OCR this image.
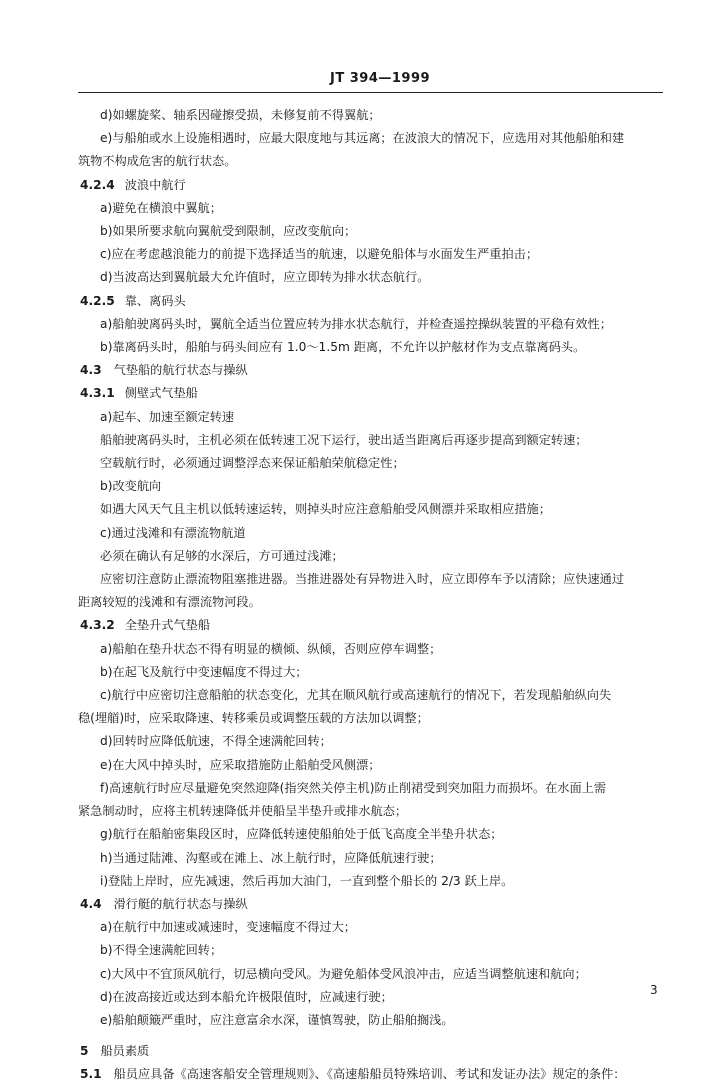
JT 394—1999

d)如螺旋桨、轴系因碰擦受损，未修复前不得翼航；

e)与船舶或水上设施相遇时，应最大限度地与其远离；在波浪大的情况下，应选用对其他船舶和建

筑物不构成危害的航行状态。

4.2.4 波浪中航行

a)避免在横浪中翼航；

b)如果所要求航向翼航受到限制，应改变航向；

c)应在考虑越浪能力的前提下选择适当的航速，以避免船体与水面发生严重拍击；

d)当波高达到翼航最大允许值时，应立即转为排水状态航行。

4.2.5 靠、离码头

a)船舶驶离码头时，翼航全适当位置应转为排水状态航行，并检查遥控操纵装置的平稳有效性；

b)靠离码头时，船舶与码头间应有 1.0～1.5m 距离，不允许以护舷材作为支点靠离码头。

4.3 气垫船的航行状态与操纵

4.3.1 侧壁式气垫船

a)起车、加速至额定转速

船舶驶离码头时，主机必须在低转速工况下运行，驶出适当距离后再逐步提高到额定转速；

空载航行时，必须通过调整浮态来保证船舶荣航稳定性；

b)改变航向

如遇大风天气且主机以低转速运转，则掉头时应注意船舶受风侧漂并采取相应措施；

c)通过浅滩和有漂流物航道

必须在确认有足够的水深后，方可通过浅滩；

应密切注意防止漂流物阻塞推进器。当推进器处有异物进入时，应立即停车予以清除；应快速通过

距离较短的浅滩和有漂流物河段。

4.3.2 全垫升式气垫船

a)船舶在垫升状态不得有明显的横倾、纵倾，否则应停车调整；

b)在起飞及航行中变速幅度不得过大；

c)航行中应密切注意船舶的状态变化，尤其在顺风航行或高速航行的情况下，若发现船舶纵向失

稳(埋艏)时，应采取降速、转移乘员或调整压载的方法加以调整；

d)回转时应降低航速，不得全速满舵回转；

e)在大风中掉头时，应采取措施防止船舶受风侧漂；

f)高速航行时应尽量避免突然迎降(指突然关停主机)防止削裙受到突加阻力而损坏。在水面上需

紧急制动时，应将主机转速降低并使船呈半垫升或排水航态；

g)航行在船舶密集段区时，应降低转速使船舶处于低飞高度全半垫升状态；

h)当通过陆滩、沟壑或在滩上、冰上航行时，应降低航速行驶；

i)登陆上岸时，应先减速，然后再加大油门，一直到整个船长的 2/3 跃上岸。

4.4 滑行艇的航行状态与操纵

a)在航行中加速或减速时，变速幅度不得过大；

b)不得全速满舵回转；

c)大风中不宜顶风航行，切忌横向受风。为避免船体受风浪冲击，应适当调整航速和航向；

d)在波高接近或达到本船允许极限值时，应减速行驶；

e)船舶颠簸严重时，应注意富余水深，谨慎驾驶，防止船舶搁浅。

5 船员素质

5.1 船员应具备《高速客船安全管理规则》、《高速船船员特殊培训、考试和发证办法》规定的条件：

3
